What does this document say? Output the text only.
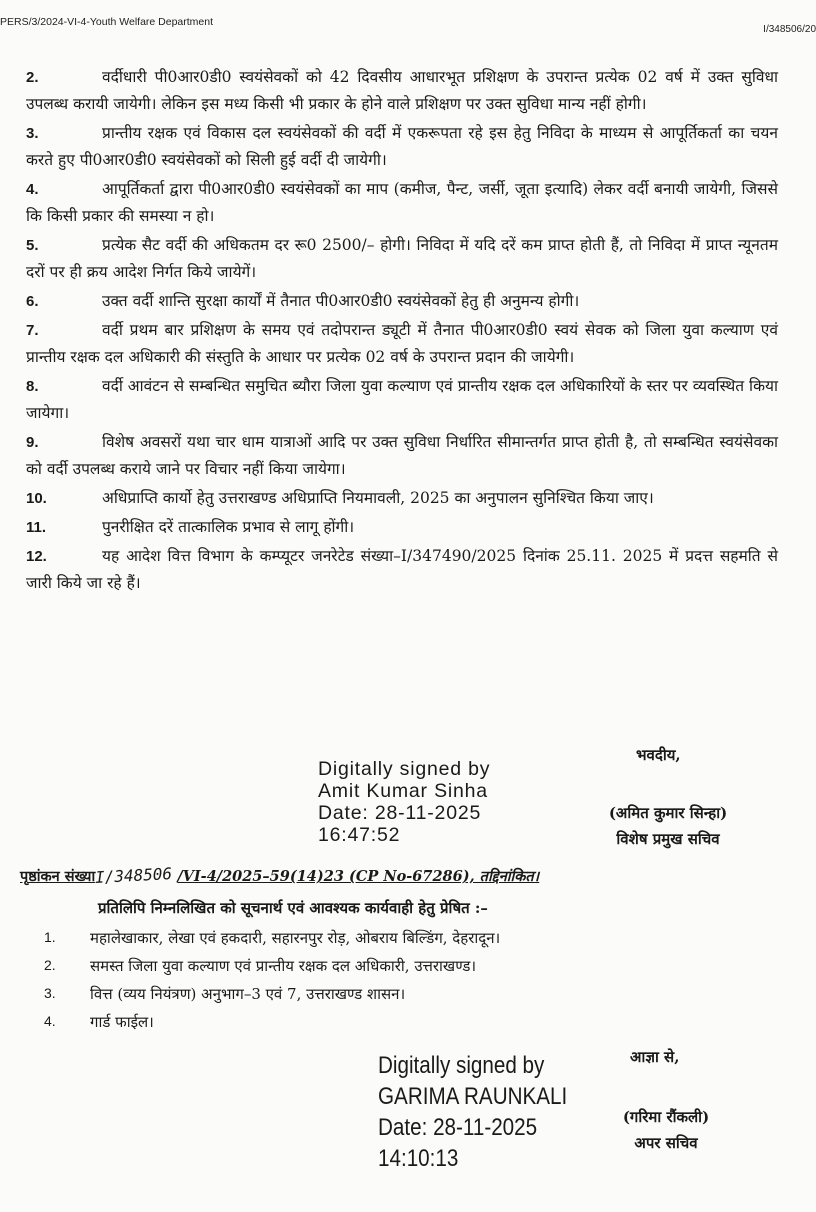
PERS/3/2024-VI-4-Youth Welfare Department
I/348506/20
2.	वर्दीधारी पी0आर0डी0 स्वयंसेवकों को 42 दिवसीय आधारभूत प्रशिक्षण के उपरान्त प्रत्येक 02 वर्ष में उक्त सुविधा उपलब्ध करायी जायेगी। लेकिन इस मध्य किसी भी प्रकार के होने वाले प्रशिक्षण पर उक्त सुविधा मान्य नहीं होगी।
3.	प्रान्तीय रक्षक एवं विकास दल स्वयंसेवकों की वर्दी में एकरूपता रहे इस हेतु निविदा के माध्यम से आपूर्तिकर्ता का चयन करते हुए पी0आर0डी0 स्वयंसेवकों को सिली हुई वर्दी दी जायेगी।
4.	आपूर्तिकर्ता द्वारा पी0आर0डी0 स्वयंसेवकों का माप (कमीज, पैन्ट, जर्सी, जूता इत्यादि) लेकर वर्दी बनायी जायेगी, जिससे कि किसी प्रकार की समस्या न हो।
5.	प्रत्येक सैट वर्दी की अधिकतम दर रू0 2500/– होगी। निविदा में यदि दरें कम प्राप्त होती हैं, तो निविदा में प्राप्त न्यूनतम दरों पर ही क्रय आदेश निर्गत किये जायेगें।
6.	उक्त वर्दी शान्ति सुरक्षा कार्यों में तैनात पी0आर0डी0 स्वयंसेवकों हेतु ही अनुमन्य होगी।
7.	वर्दी प्रथम बार प्रशिक्षण के समय एवं तदोपरान्त ड्यूटी में तैनात पी0आर0डी0 स्वयं सेवक को जिला युवा कल्याण एवं प्रान्तीय रक्षक दल अधिकारी की संस्तुति के आधार पर प्रत्येक 02 वर्ष के उपरान्त प्रदान की जायेगी।
8.	वर्दी आवंटन से सम्बन्धित समुचित ब्यौरा जिला युवा कल्याण एवं प्रान्तीय रक्षक दल अधिकारियों के स्तर पर व्यवस्थित किया जायेगा।
9.	विशेष अवसरों यथा चार धाम यात्राओं आदि पर उक्त सुविधा निर्धारित सीमान्तर्गत प्राप्त होती है, तो सम्बन्धित स्वयंसेवका को वर्दी उपलब्ध कराये जाने पर विचार नहीं किया जायेगा।
10.	अधिप्राप्ति कार्यो हेतु उत्तराखण्ड अधिप्राप्ति नियमावली, 2025 का अनुपालन सुनिश्चित किया जाए।
11.	पुनरीक्षित दरें तात्कालिक प्रभाव से लागू होंगी।
12.	यह आदेश वित्त विभाग के कम्प्यूटर जनरेटेड संख्या–I/347490/2025 दिनांक 25.11. 2025 में प्रदत्त सहमति से जारी किये जा रहे हैं।
भवदीय,
Digitally signed by
Amit Kumar Sinha
Date: 28-11-2025
16:47:52
(अमित कुमार सिन्हा)
विशेष प्रमुख सचिव
पृष्ठांकन संख्याI/348506 /VI-4/2025–59(14)23 (CP No-67286), तद्दिनांकित।
प्रतिलिपि निम्नलिखित को सूचनार्थ एवं आवश्यक कार्यवाही हेतु प्रेषित :–
1. महालेखाकार, लेखा एवं हकदारी, सहारनपुर रोड़, ओबराय बिल्डिंग, देहरादून।
2. समस्त जिला युवा कल्याण एवं प्रान्तीय रक्षक दल अधिकारी, उत्तराखण्ड।
3. वित्त (व्यय नियंत्रण) अनुभाग–3 एवं 7, उत्तराखण्ड शासन।
4. गार्ड फाईल।
आज्ञा से,
Digitally signed by
GARIMA RAUNKALI
Date: 28-11-2025
14:10:13
(गरिमा रौंकली)
अपर सचिव
